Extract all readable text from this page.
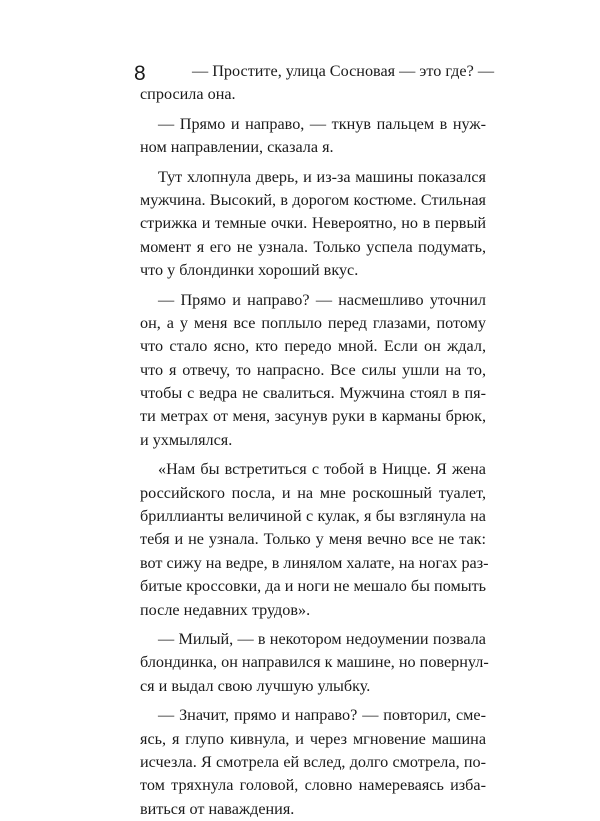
8	— Простите, улица Сосновая — это где? —
спросила она.
— Прямо и направо, — ткнув пальцем в нуж-
ном направлении, сказала я.
Тут хлопнула дверь, и из-за машины показался
мужчина. Высокий, в дорогом костюме. Стильная
стрижка и темные очки. Невероятно, но в первый
момент я его не узнала. Только успела подумать,
что у блондинки хороший вкус.
— Прямо и направо? — насмешливо уточнил
он, а у меня все поплыло перед глазами, потому
что стало ясно, кто передо мной. Если он ждал,
что я отвечу, то напрасно. Все силы ушли на то,
чтобы с ведра не свалиться. Мужчина стоял в пя-
ти метрах от меня, засунув руки в карманы брюк,
и ухмылялся.
«Нам бы встретиться с тобой в Ницце. Я жена
российского посла, и на мне роскошный туалет,
бриллианты величиной с кулак, я бы взглянула на
тебя и не узнала. Только у меня вечно все не так:
вот сижу на ведре, в линялом халате, на ногах раз-
битые кроссовки, да и ноги не мешало бы помыть
после недавних трудов».
— Милый, — в некотором недоумении позвала
блондинка, он направился к машине, но повернул-
ся и выдал свою лучшую улыбку.
— Значит, прямо и направо? — повторил, сме-
ясь, я глупо кивнула, и через мгновение машина
исчезла. Я смотрела ей вслед, долго смотрела, по-
том тряхнула головой, словно намереваясь избa-
виться от наваждения.
